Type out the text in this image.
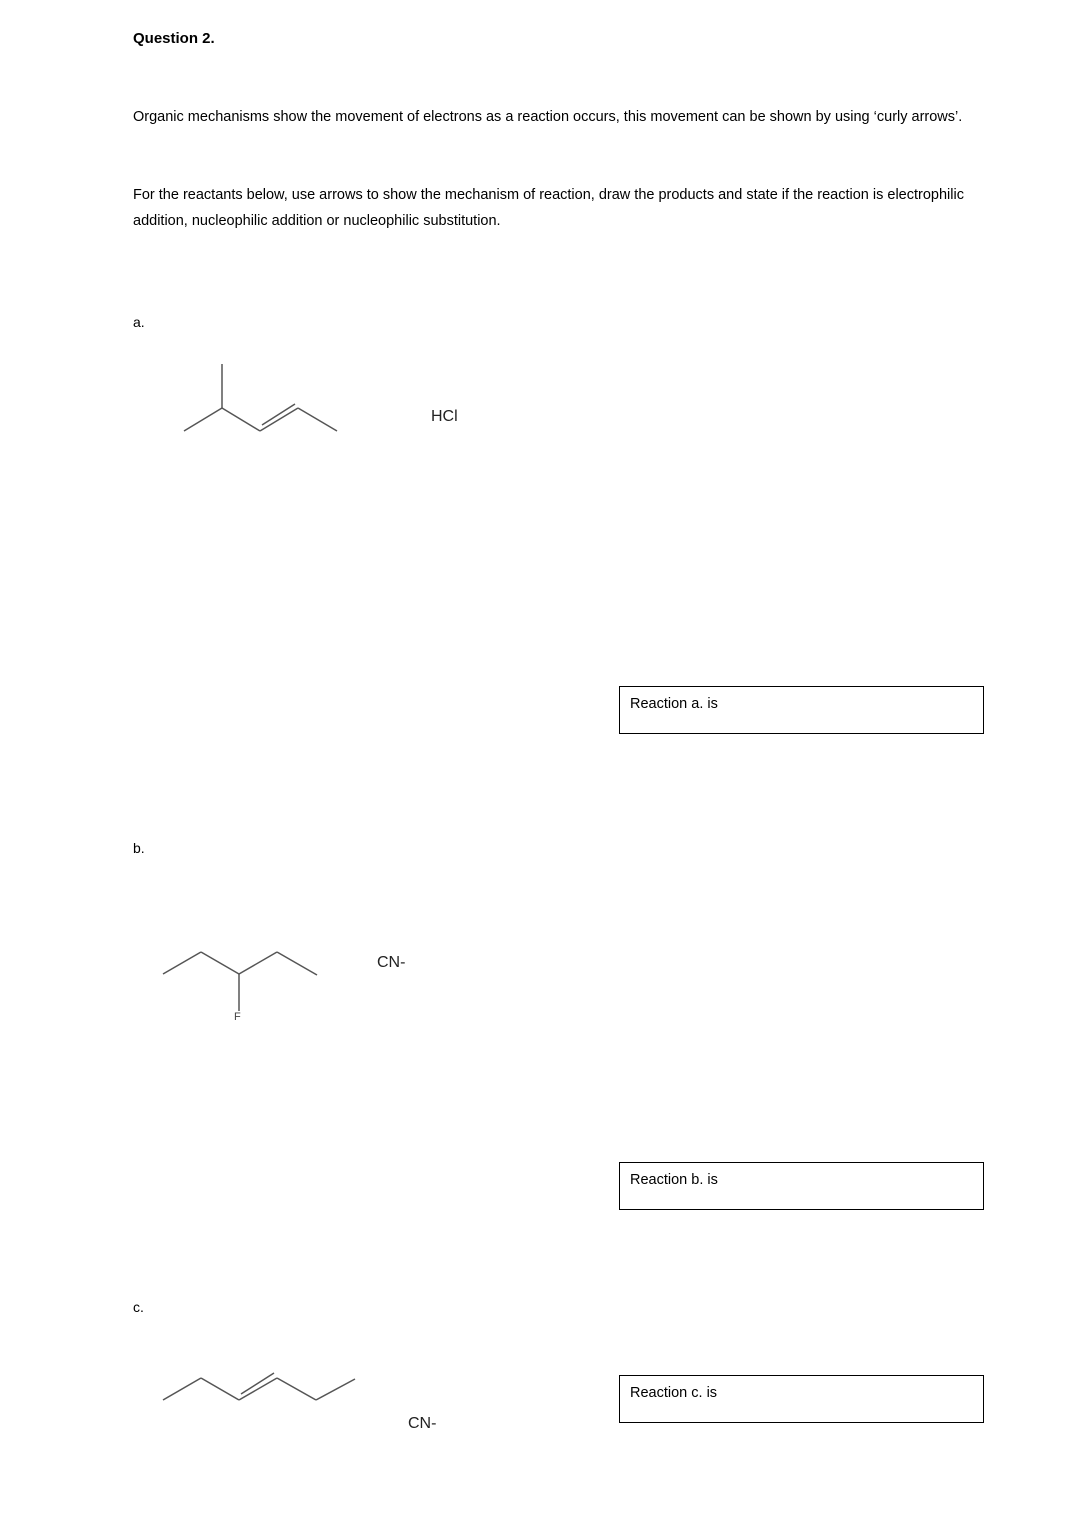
Question 2.
Organic mechanisms show the movement of electrons as a reaction occurs, this movement can be shown by using ‘curly arrows’.
For the reactants below, use arrows to show the mechanism of reaction, draw the products and state if the reaction is electrophilic addition, nucleophilic addition or nucleophilic substitution.
a.
HCl
Reaction a. is
b.
F
CN-
Reaction b. is
c.
CN-
Reaction c. is
